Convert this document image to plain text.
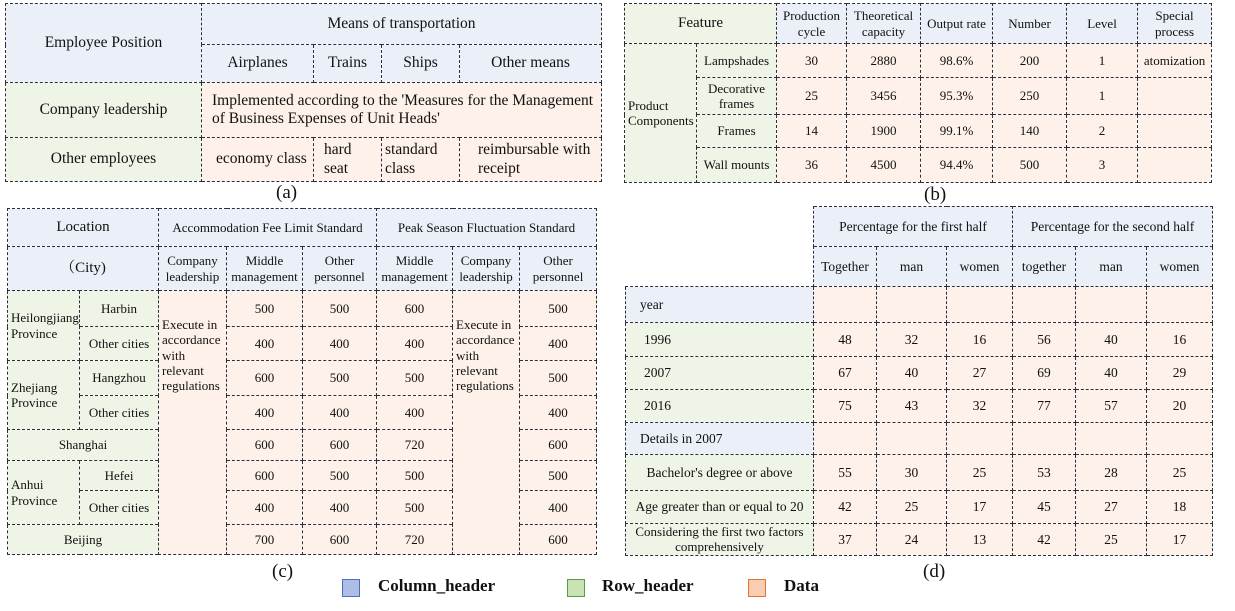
Employee Position	Means of transportation			
	Airplanes	Trains	Ships	Other means
Company leadership	Implemented according to the 'Measures for the Management of Business Expenses of Unit Heads'			
Other employees	economy class	hard seat	standard class	reimbursable with receipt
(a)
Feature		Production cycle	Theoretical capacity	Output rate	Number	Level	Special process
Product Components	Lampshades	30	2880	98.6%	200	1	atomization
	Decorative frames	25	3456	95.3%	250	1	
	Frames	14	1900	99.1%	140	2	
	Wall mounts	36	4500	94.4%	500	3	
(b)
Location		Accommodation Fee Limit Standard			Peak Season Fluctuation Standard		
（City)		Company leadership	Middle management	Other personnel	Middle management	Company leadership	Other personnel
Heilongjiang Province	Harbin	Execute in accordance with relevant regulations	500	500	600	Execute in accordance with relevant regulations	500
	Other cities		400	400	400		400
Zhejiang Province	Hangzhou		600	500	500		500
	Other cities		400	400	400		400
Shanghai			600	600	720		600
Anhui Province	Hefei		600	500	500		500
	Other cities		400	400	500		400
Beijing			700	600	720		600
(c)
	Percentage for the first half			Percentage for the second half		
	Together	man	women	together	man	women
year						
1996	48	32	16	56	40	16
2007	67	40	27	69	40	29
2016	75	43	32	77	57	20
Details in 2007						
Bachelor's degree or above	55	30	25	53	28	25
Age greater than or equal to 20	42	25	17	45	27	18
Considering the first two factors comprehensively	37	24	13	42	25	17
(d)
Column_header	Row_header	Data
